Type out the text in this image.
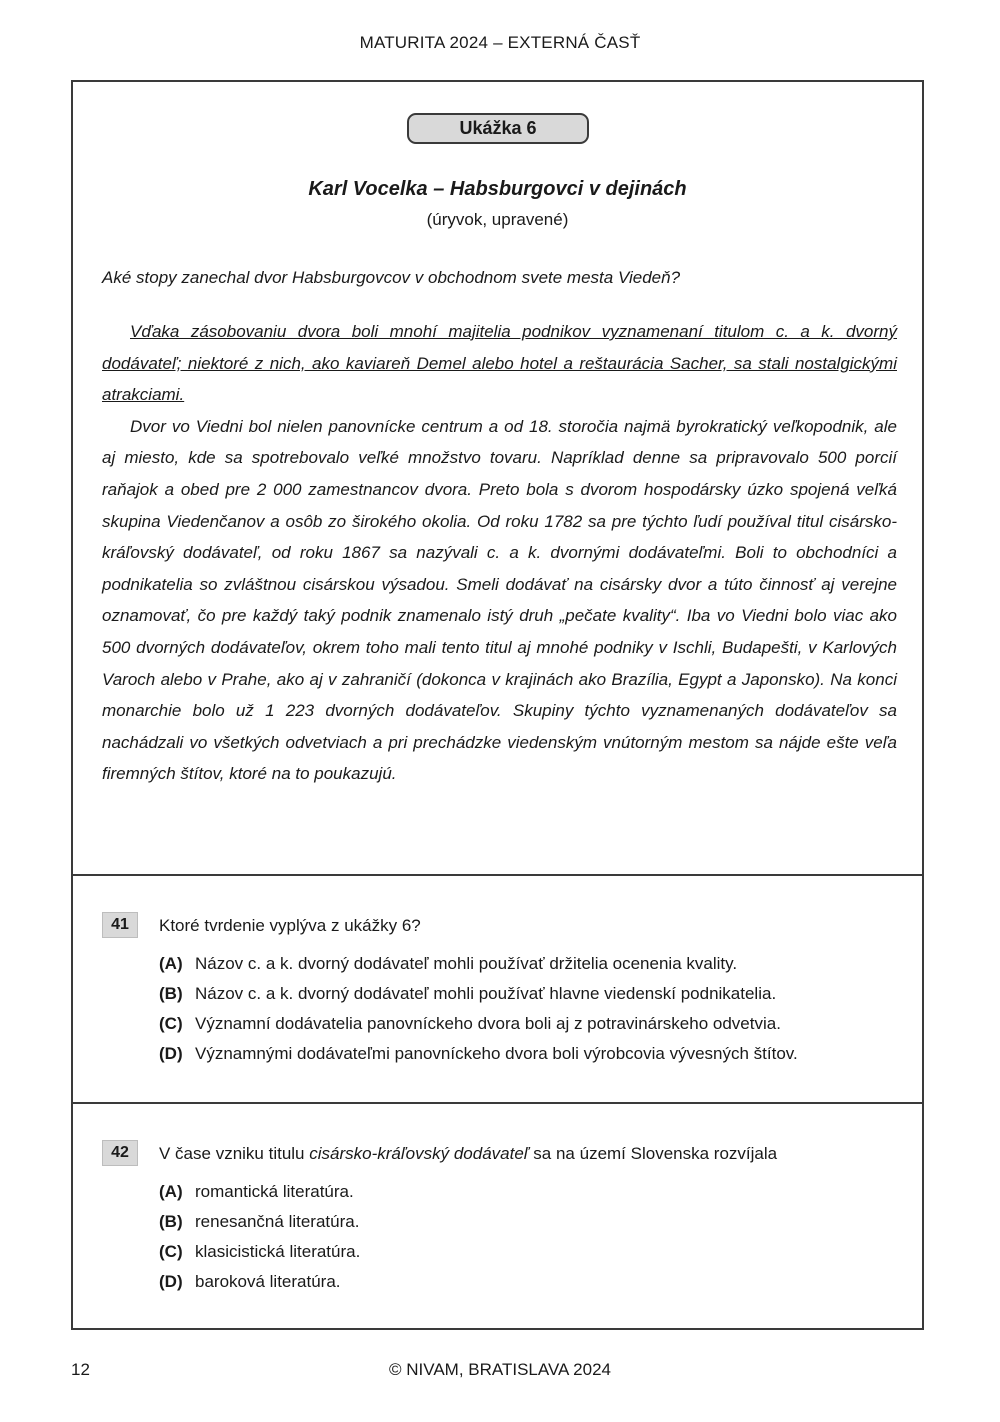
MATURITA 2024 – EXTERNÁ ČASŤ
Ukážka 6
Karl Vocelka – Habsburgovci v dejinách
(úryvok, upravené)
Aké stopy zanechal dvor Habsburgovcov v obchodnom svete mesta Viedeň?

Vďaka zásobovaniu dvora boli mnohí majitelia podnikov vyznamenaní titulom c. a k. dvorný dodávateľ; niektoré z nich, ako kaviareň Demel alebo hotel a reštaurácia Sacher, sa stali nostalgickými atrakciami.

Dvor vo Viedni bol nielen panovnícke centrum a od 18. storočia najmä byrokratický veľkopodnik, ale aj miesto, kde sa spotrebovalo veľké množstvo tovaru. Napríklad denne sa pripravovalo 500 porcií raňajok a obed pre 2 000 zamestnancov dvora. Preto bola s dvorom hospodársky úzko spojená veľká skupina Viedenčanov a osôb zo širokého okolia. Od roku 1782 sa pre týchto ľudí používal titul cisársko-kráľovský dodávateľ, od roku 1867 sa nazývali c. a k. dvornými dodávateľmi. Boli to obchodníci a podnikatelia so zvláštnou cisárskou výsadou. Smeli dodávať na cisársky dvor a túto činnosť aj verejne oznamovať, čo pre každý taký podnik znamenalo istý druh „pečate kvality“. Iba vo Viedni bolo viac ako 500 dvorných dodávateľov, okrem toho mali tento titul aj mnohé podniky v Ischli, Budapešti, v Karlových Varoch alebo v Prahe, ako aj v zahraničí (dokonca v krajinách ako Brazília, Egypt a Japonsko). Na konci monarchie bolo už 1 223 dvorných dodávateľov. Skupiny týchto vyznamenaných dodávateľov sa nachádzali vo všetkých odvetviach a pri prechádzke viedenským vnútorným mestom sa nájde ešte veľa firemných štítov, ktoré na to poukazujú.

41	Ktoré tvrdenie vyplýva z ukážky 6?
(A) Názov c. a k. dvorný dodávateľ mohli používať držitelia ocenenia kvality.
(B) Názov c. a k. dvorný dodávateľ mohli používať hlavne viedenskí podnikatelia.
(C) Významní dodávatelia panovníckeho dvora boli aj z potravinárskeho odvetvia.
(D) Významnými dodávateľmi panovníckeho dvora boli výrobcovia vývesných štítov.
42	V čase vzniku titulu cisársko-kráľovský dodávateľ sa na území Slovenska rozvíjala
(A) romantická literatúra.
(B) renesančná literatúra.
(C) klasicistická literatúra.
(D) baroková literatúra.
12	© NIVAM, BRATISLAVA 2024
